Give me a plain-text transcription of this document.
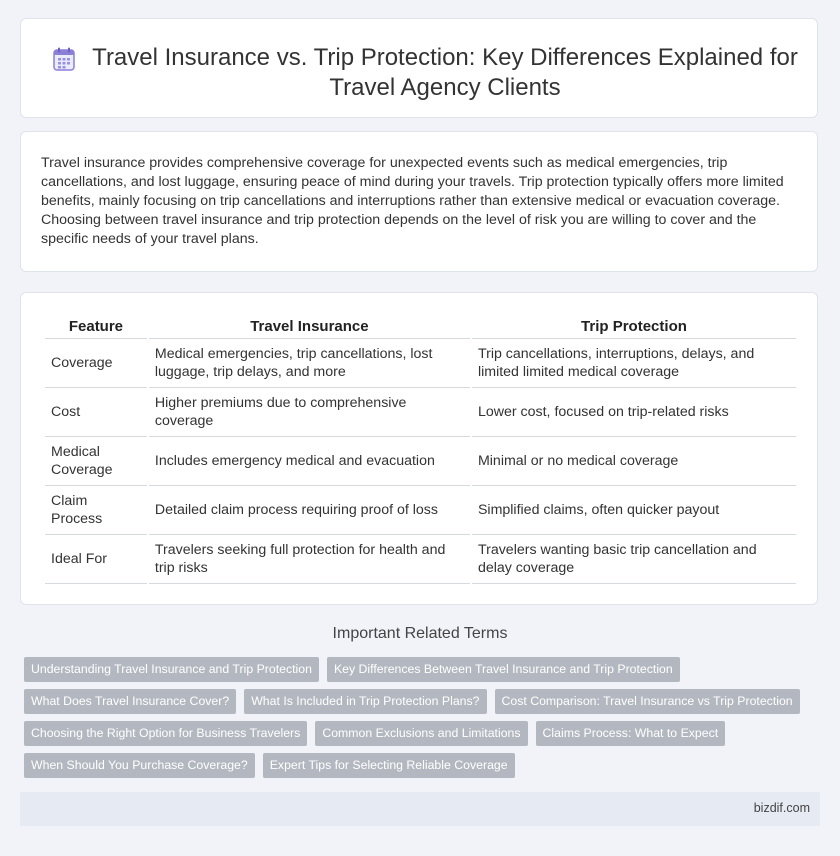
Travel Insurance vs. Trip Protection: Key Differences Explained for Travel Agency Clients

Travel insurance provides comprehensive coverage for unexpected events such as medical emergencies, trip cancellations, and lost luggage, ensuring peace of mind during your travels. Trip protection typically offers more limited benefits, mainly focusing on trip cancellations and interruptions rather than extensive medical or evacuation coverage. Choosing between travel insurance and trip protection depends on the level of risk you are willing to cover and the specific needs of your travel plans.

Feature	Travel Insurance	Trip Protection
Coverage	Medical emergencies, trip cancellations, lost luggage, trip delays, and more	Trip cancellations, interruptions, delays, and limited limited medical coverage
Cost	Higher premiums due to comprehensive coverage	Lower cost, focused on trip-related risks
Medical Coverage	Includes emergency medical and evacuation	Minimal or no medical coverage
Claim Process	Detailed claim process requiring proof of loss	Simplified claims, often quicker payout
Ideal For	Travelers seeking full protection for health and trip risks	Travelers wanting basic trip cancellation and delay coverage
Important Related Terms
Understanding Travel Insurance and Trip Protection	Key Differences Between Travel Insurance and Trip Protection
What Does Travel Insurance Cover?	What Is Included in Trip Protection Plans?	Cost Comparison: Travel Insurance vs Trip Protection
Choosing the Right Option for Business Travelers	Common Exclusions and Limitations	Claims Process: What to Expect
When Should You Purchase Coverage?	Expert Tips for Selecting Reliable Coverage
bizdif.com
